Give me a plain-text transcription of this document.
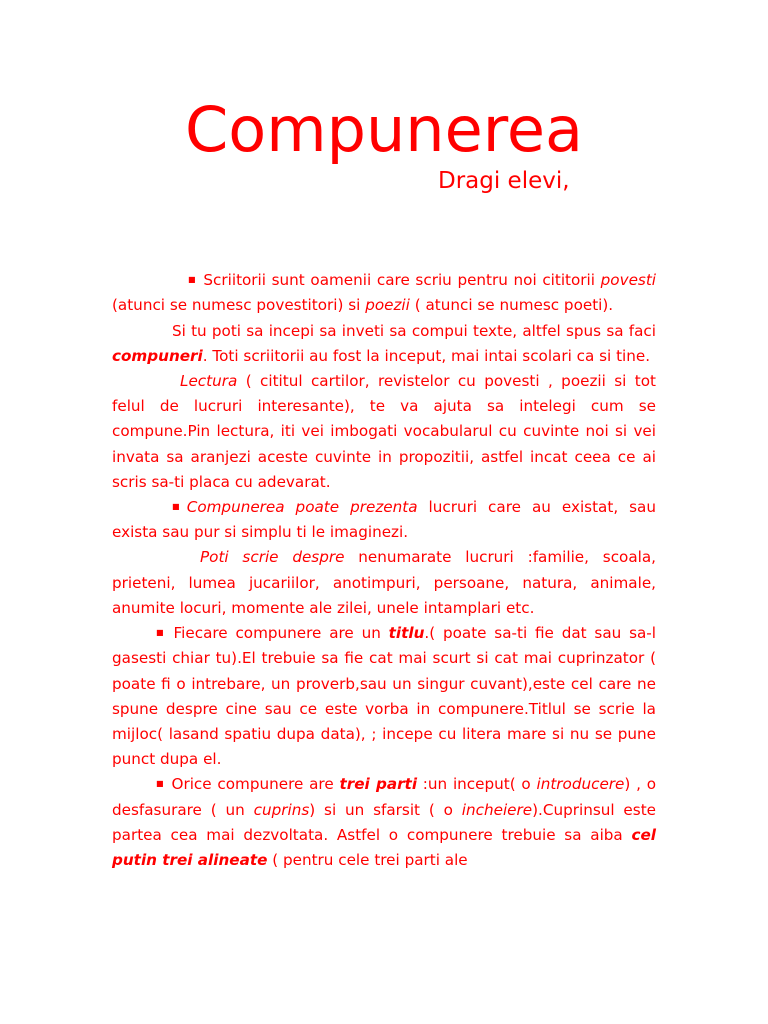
Compunerea

Dragi elevi,

■ Scriitorii sunt oamenii care scriu pentru noi cititorii povesti (atunci se numesc povestitori) si poezii ( atunci se numesc poeti).

Si tu poti sa incepi sa inveti sa compui texte, altfel spus sa faci compuneri. Toti scriitorii au fost la inceput, mai intai scolari ca si tine.

Lectura ( cititul cartilor, revistelor cu povesti , poezii si tot felul de lucruri interesante), te va ajuta sa intelegi cum se compune.Pin lectura, iti vei imbogati vocabularul cu cuvinte noi si vei invata sa aranjezi aceste cuvinte in propozitii, astfel incat ceea ce ai scris sa-ti placa cu adevarat.

■Compunerea poate prezenta lucruri care au existat, sau exista sau pur si simplu ti le imaginezi.

Poti scrie despre nenumarate lucruri :familie, scoala, prieteni, lumea jucariilor, anotimpuri, persoane, natura, animale, anumite locuri, momente ale zilei, unele intamplari etc.

■ Fiecare compunere are un titlu.( poate sa-ti fie dat sau sa-l gasesti chiar tu).El trebuie sa fie cat mai scurt si cat mai cuprinzator ( poate fi o intrebare, un proverb,sau un singur cuvant),este cel care ne spune despre cine sau ce este vorba in compunere.Titlul se scrie la mijloc( lasand spatiu dupa data), ; incepe cu litera mare si nu se pune punct dupa el.

■ Orice compunere are trei parti :un inceput( o introducere) , o desfasurare ( un cuprins) si un sfarsit ( o incheiere).Cuprinsul este partea cea mai dezvoltata. Astfel o compunere trebuie sa aiba cel putin trei alineate ( pentru cele trei parti ale
